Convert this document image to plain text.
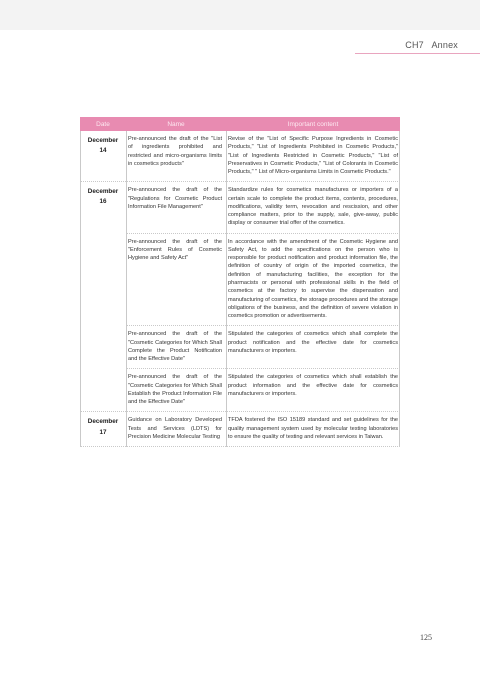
CH7 Annex
Date	Name	Important content

December
14	Pre-announced the draft of the "List of ingredients prohibited and restricted and micro-organisms limits in cosmetics products"	Revise of the "List of Specific Purpose Ingredients in Cosmetic Products," "List of Ingredients Prohibited in Cosmetic Products," "List of Ingredients Restricted in Cosmetic Products," "List of Preservatives in Cosmetic Products," "List of Colorants in Cosmetic Products," " List of Micro-organisms Limits in Cosmetic Products."

December
16	Pre-announced the draft of the "Regulations for Cosmetic Product Information File Management"	Standardize rules for cosmetics manufactures or importers of a certain scale to complete the product items, contents, procedures, modifications, validity term, revocation and rescission, and other compliance matters, prior to the supply, sale, give-away, public display or consumer trial offer of the cosmetics.
	Pre-announced the draft of the "Enforcement Rules of Cosmetic Hygiene and Safety Act"	In accordance with the amendment of the Cosmetic Hygiene and Safety Act, to add the specifications on the person who is responsible for product notification and product information file, the definition of country of origin of the imported cosmetics, the definition of manufacturing facilities, the exception for the pharmacists or personal with professional skills in the field of cosmetics at the factory to supervise the dispensation and manufacturing of cosmetics, the storage procedures and the storage obligations of the business, and the definition of severe violation in cosmetics promotion or advertisements.
	Pre-announced the draft of the "Cosmetic Categories for Which Shall Complete the Product Notification and the Effective Date"	Stipulated the categories of cosmetics which shall complete the product notification and the effective date for cosmetics manufacturers or importers.
	Pre-announced the draft of the "Cosmetic Categories for Which Shall Establish the Product Information File and the Effective Date"	Stipulated the categories of cosmetics which shall establish the product information and the effective date for cosmetics manufacturers or importers.

December
17	Guidance on Laboratory Developed Tests and Services (LDTS) for Precision Medicine Molecular Testing	TFDA fostered the ISO 15189 standard and set guidelines for the quality management system used by molecular testing laboratories to ensure the quality of testing and relevant services in Taiwan.
125
